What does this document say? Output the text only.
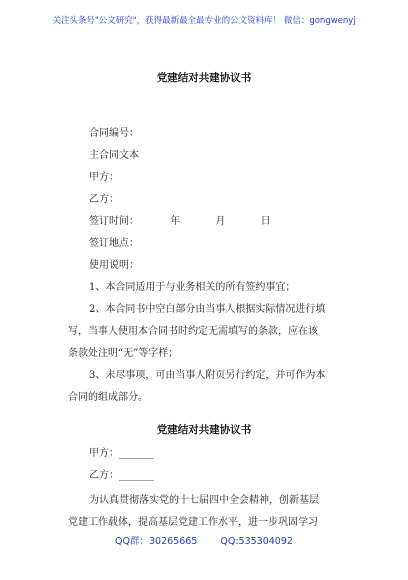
关注头条号"公文研究"，获得最新最全最专业的公文资料库！ 微信：gongwenyj
党建结对共建协议书
合同编号：
主合同文本
甲方：
乙方：
签订时间：	年	月	日
签订地点：
使用说明：
1、本合同适用于与业务相关的所有签约事宜；
2、本合同书中空白部分由当事人根据实际情况进行填
写，当事人使用本合同书时约定无需填写的条款，应在该
条款处注明“无”等字样；
3、未尽事项，可由当事人附页另行约定，并可作为本
合同的组成部分。
党建结对共建协议书
甲方：_______
乙方：_______
为认真贯彻落实党的十七届四中全会精神，创新基层
党建工作载体，提高基层党建工作水平，进一步巩固学习
QQ群：30265665 QQ:535304092
